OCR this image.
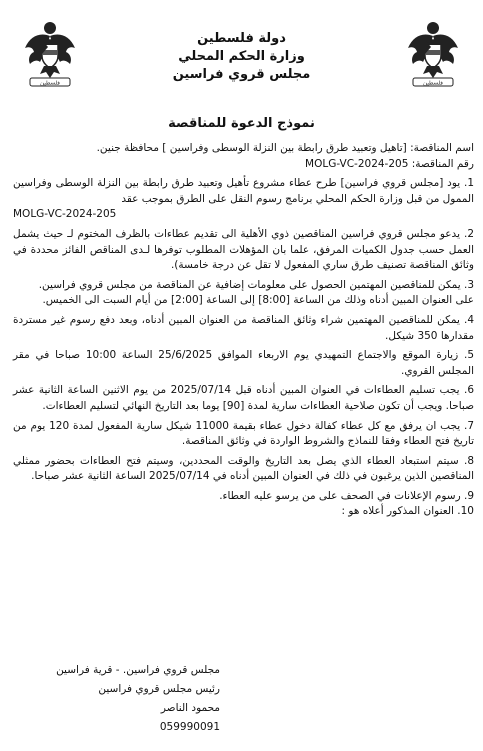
فلسطين	فلسطين
دولة فلسطين
وزارة الحكم المحلي
مجلس قروي فراسين
نموذج الدعوة للمناقصة

اسم المناقصة: [تاهيل وتعبيد طرق رابطة بين النزلة الوسطى وفراسين ] محافظة جنين.

رقم المناقصة: MOLG-VC-2024-205

1. يود [مجلس قروي فراسين] طرح عطاء مشروع تأهيل وتعبيد طرق رابطة بين النزلة الوسطى وفراسين الممول من قبل وزارة الحكم المحلي برنامج رسوم النقل على الطرق بموجب عقد

MOLG-VC-2024-205

2. يدعو مجلس قروي فراسين المناقصين ذوي الأهلية الى تقديم عطاءات بالظرف المختوم لـ حيث يشمل العمل حسب جدول الكميات المرفق، علما بان المؤهلات المطلوب توفرها لـدى المناقص الفائز محددة في وثائق المناقصة تصنيف طرق ساري المفعول لا تقل عن درجة خامسة).

3. يمكن للمناقصين المهتمين الحصول على معلومات إضافية عن المناقصة من مجلس قروي فراسين.

على العنوان المبين أدناه وذلك من الساعة [8:00] إلى الساعة [2:00] من أيام السبت الى الخميس.

4. يمكن للمناقصين المهتمين شراء وثائق المناقصة من العنوان المبين أدناه، وبعد دفع رسوم غير مستردة مقدارها 350 شيكل.

5. زيارة الموقع والاجتماع التمهيدي يوم الاربعاء الموافق 25/6/2025 الساعة 10:00 صباحا في مقر المجلس القروي.

6. يجب تسليم العطاءات في العنوان المبين أدناه قبل 2025/07/14 من يوم الاثنين الساعة الثانية عشر صباحا. ويجب أن تكون صلاحية العطاءات سارية لمدة [90] يوما بعد التاريخ النهائي لتسليم العطاءات.

7. يجب ان يرفق مع كل عطاء كفالة دخول عطاء بقيمة 11000 شيكل سارية المفعول لمدة 120 يوم من تاريخ فتح العطاء وفقا للنماذج والشروط الواردة في وثائق المناقصة.

8. سيتم استبعاد العطاء الذي يصل بعد التاريخ والوقت المحددين، وسيتم فتح العطاءات بحضور ممثلي المناقصين الذين يرغبون في ذلك في العنوان المبين أدناه في 2025/07/14 الساعة الثانية عشر صباحا.

9. رسوم الإعلانات في الصحف على من يرسو عليه العطاء.

10. العنوان المذكور أعلاه هو :

مجلس قروي فراسين. - قرية فراسين
رئيس مجلس قروي فراسين
محمود الناصر
059990091
